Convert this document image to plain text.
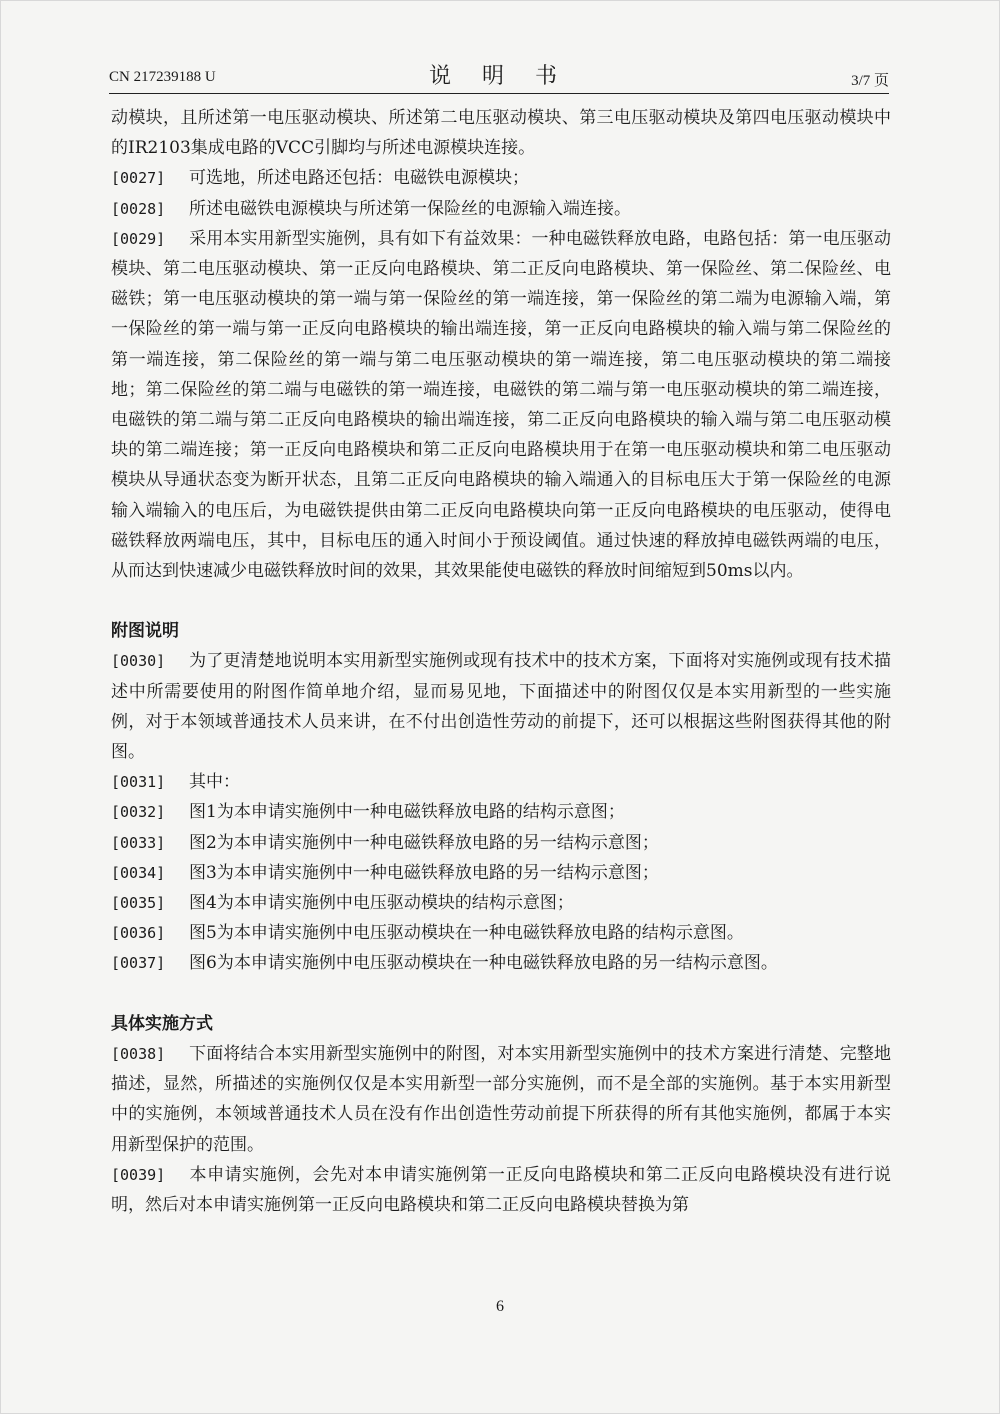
CN 217239188 U	说 明 书	3/7 页

动模块，且所述第一电压驱动模块、所述第二电压驱动模块、第三电压驱动模块及第四电压驱动模块中的IR2103集成电路的VCC引脚均与所述电源模块连接。

[0027] 可选地，所述电路还包括：电磁铁电源模块；
[0028] 所述电磁铁电源模块与所述第一保险丝的电源输入端连接。
[0029] 采用本实用新型实施例，具有如下有益效果：一种电磁铁释放电路，电路包括：第一电压驱动模块、第二电压驱动模块、第一正反向电路模块、第二正反向电路模块、第一保险丝、第二保险丝、电磁铁；第一电压驱动模块的第一端与第一保险丝的第一端连接，第一保险丝的第二端为电源输入端，第一保险丝的第一端与第一正反向电路模块的输出端连接，第一正反向电路模块的输入端与第二保险丝的第一端连接，第二保险丝的第一端与第二电压驱动模块的第一端连接，第二电压驱动模块的第二端接地；第二保险丝的第二端与电磁铁的第一端连接，电磁铁的第二端与第一电压驱动模块的第二端连接，电磁铁的第二端与第二正反向电路模块的输出端连接，第二正反向电路模块的输入端与第二电压驱动模块的第二端连接；第一正反向电路模块和第二正反向电路模块用于在第一电压驱动模块和第二电压驱动模块从导通状态变为断开状态，且第二正反向电路模块的输入端通入的目标电压大于第一保险丝的电源输入端输入的电压后，为电磁铁提供由第二正反向电路模块向第一正反向电路模块的电压驱动，使得电磁铁释放两端电压，其中，目标电压的通入时间小于预设阈值。通过快速的释放掉电磁铁两端的电压，从而达到快速减少电磁铁释放时间的效果，其效果能使电磁铁的释放时间缩短到50ms以内。

附图说明

[0030] 为了更清楚地说明本实用新型实施例或现有技术中的技术方案，下面将对实施例或现有技术描述中所需要使用的附图作简单地介绍，显而易见地，下面描述中的附图仅仅是本实用新型的一些实施例，对于本领域普通技术人员来讲，在不付出创造性劳动的前提下，还可以根据这些附图获得其他的附图。
[0031] 其中：
[0032] 图1为本申请实施例中一种电磁铁释放电路的结构示意图；
[0033] 图2为本申请实施例中一种电磁铁释放电路的另一结构示意图；
[0034] 图3为本申请实施例中一种电磁铁释放电路的另一结构示意图；
[0035] 图4为本申请实施例中电压驱动模块的结构示意图；
[0036] 图5为本申请实施例中电压驱动模块在一种电磁铁释放电路的结构示意图。
[0037] 图6为本申请实施例中电压驱动模块在一种电磁铁释放电路的另一结构示意图。

具体实施方式

[0038] 下面将结合本实用新型实施例中的附图，对本实用新型实施例中的技术方案进行清楚、完整地描述，显然，所描述的实施例仅仅是本实用新型一部分实施例，而不是全部的实施例。基于本实用新型中的实施例，本领域普通技术人员在没有作出创造性劳动前提下所获得的所有其他实施例，都属于本实用新型保护的范围。
[0039] 本申请实施例，会先对本申请实施例第一正反向电路模块和第二正反向电路模块没有进行说明，然后对本申请实施例第一正反向电路模块和第二正反向电路模块替换为第
6
